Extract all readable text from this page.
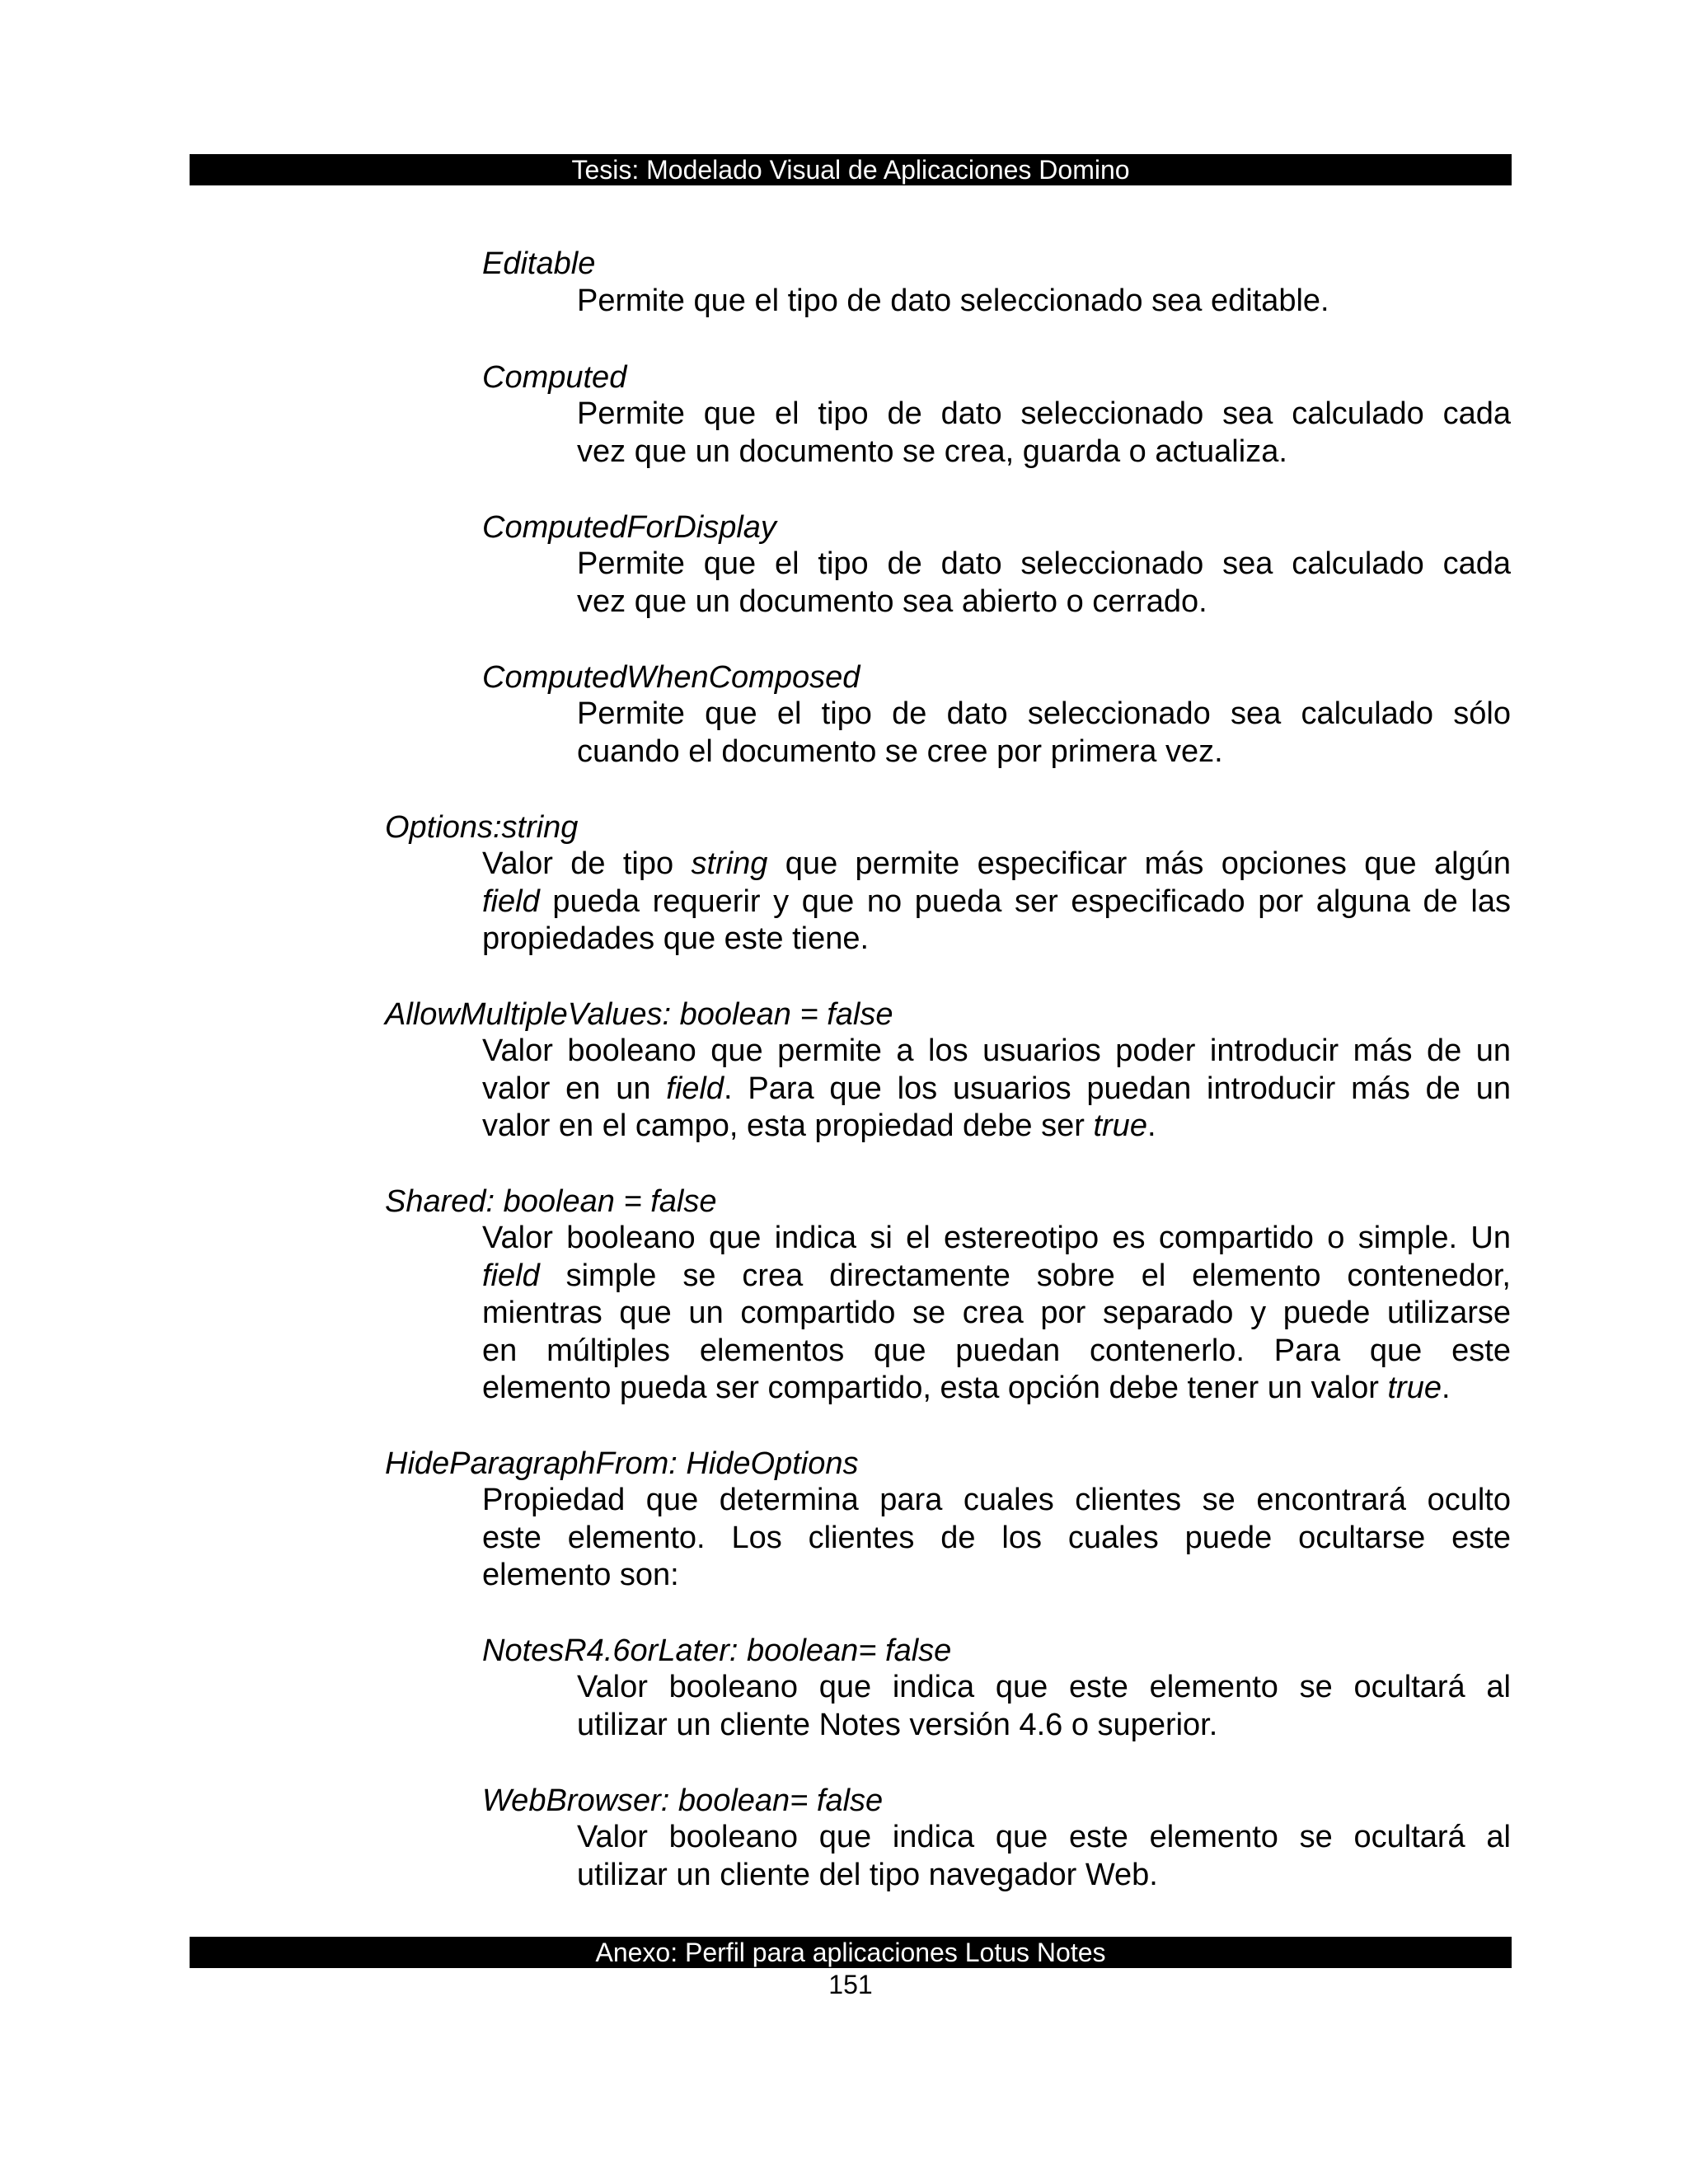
Tesis: Modelado Visual de Aplicaciones Domino
Editable
Permite que el tipo de dato seleccionado sea editable.
Computed
Permite que el tipo de dato seleccionado sea calculado cada
vez que un documento se crea, guarda o actualiza.
ComputedForDisplay
Permite que el tipo de dato seleccionado sea calculado cada
vez que un documento sea abierto o cerrado.
ComputedWhenComposed
Permite que el tipo de dato seleccionado sea calculado sólo
cuando el documento se cree por primera vez.
Options:string
Valor de tipo string que permite especificar más opciones que algún
field pueda requerir y que no pueda ser especificado por alguna de las
propiedades que este tiene.
AllowMultipleValues: boolean = false
Valor booleano que permite a los usuarios poder introducir más de un
valor en un field. Para que los usuarios puedan introducir más de un
valor en el campo, esta propiedad debe ser true.
Shared: boolean = false
Valor booleano que indica si el estereotipo es compartido o simple. Un
field simple se crea directamente sobre el elemento contenedor,
mientras que un compartido se crea por separado y puede utilizarse
en múltiples elementos que puedan contenerlo. Para que este
elemento pueda ser compartido, esta opción debe tener un valor true.
HideParagraphFrom: HideOptions
Propiedad que determina para cuales clientes se encontrará oculto
este elemento. Los clientes de los cuales puede ocultarse este
elemento son:
NotesR4.6orLater: boolean= false
Valor booleano que indica que este elemento se ocultará al
utilizar un cliente Notes versión 4.6 o superior.
WebBrowser: boolean= false
Valor booleano que indica que este elemento se ocultará al
utilizar un cliente del tipo navegador Web.
Anexo: Perfil para aplicaciones Lotus Notes
151
